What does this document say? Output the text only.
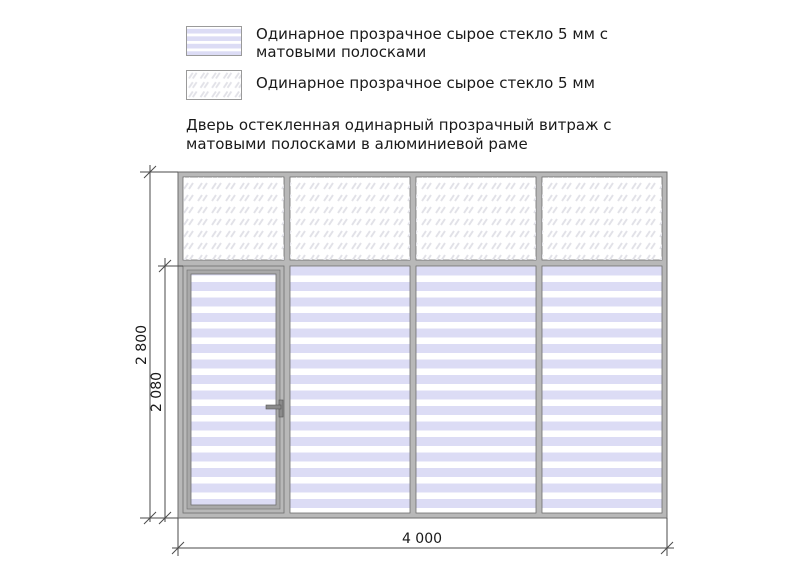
Одинарное прозрачное сырое стекло 5 мм с матовыми полосками
Одинарное прозрачное сырое стекло 5 мм
Дверь остекленная одинарный прозрачный витраж с матовыми полосками в алюминиевой раме
2 800
2 080
4 000
